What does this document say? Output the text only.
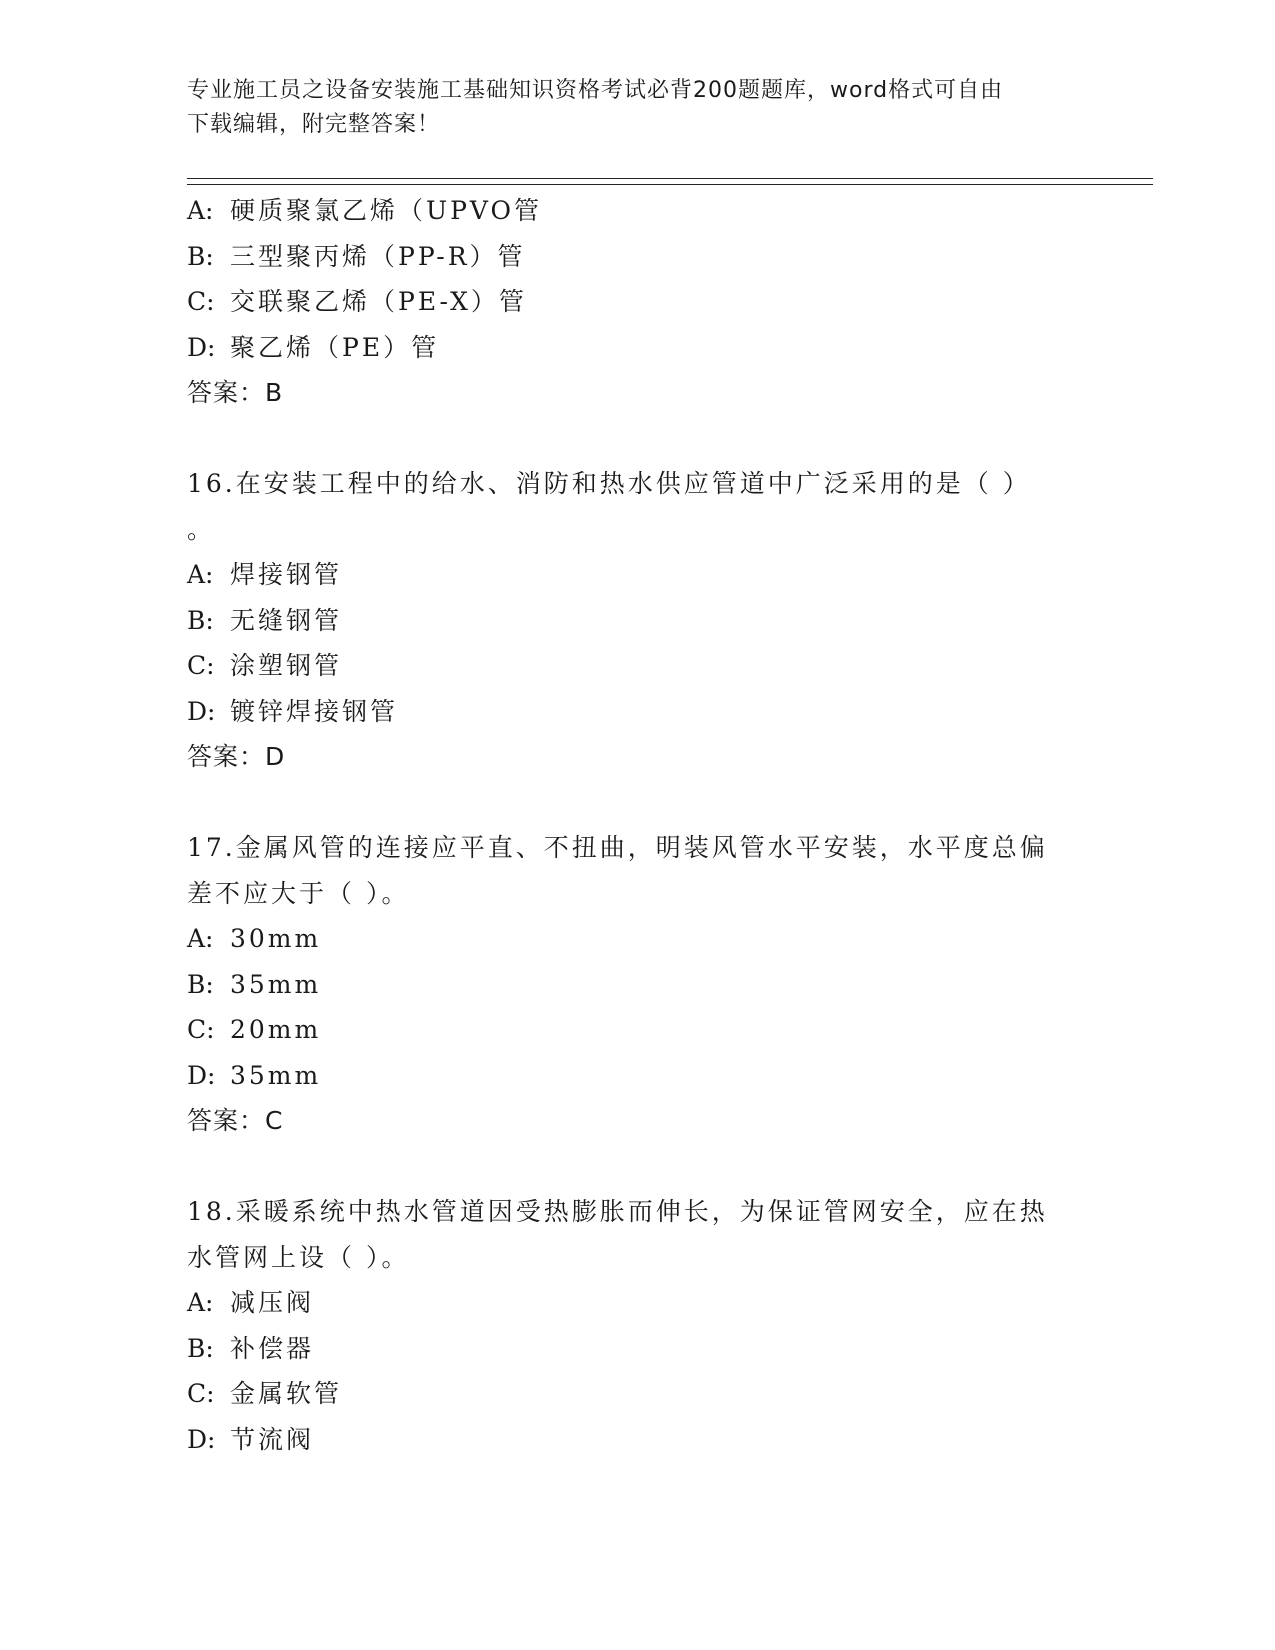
专业施工员之设备安装施工基础知识资格考试必背200题题库，word格式可自由
下载编辑，附完整答案！
A: 硬质聚氯乙烯（UPVO管
B: 三型聚丙烯（PP-R）管
C: 交联聚乙烯（PE-X）管
D: 聚乙烯（PE）管
答案：B
16.在安装工程中的给水、消防和热水供应管道中广泛采用的是（ ）
。
A: 焊接钢管
B: 无缝钢管
C: 涂塑钢管
D: 镀锌焊接钢管
答案：D
17.金属风管的连接应平直、不扭曲，明装风管水平安装，水平度总偏
差不应大于（ ）。
A: 30mm
B: 35mm
C: 20mm
D: 35mm
答案：C
18.采暖系统中热水管道因受热膨胀而伸长，为保证管网安全，应在热
水管网上设（ ）。
A: 减压阀
B: 补偿器
C: 金属软管
D: 节流阀
